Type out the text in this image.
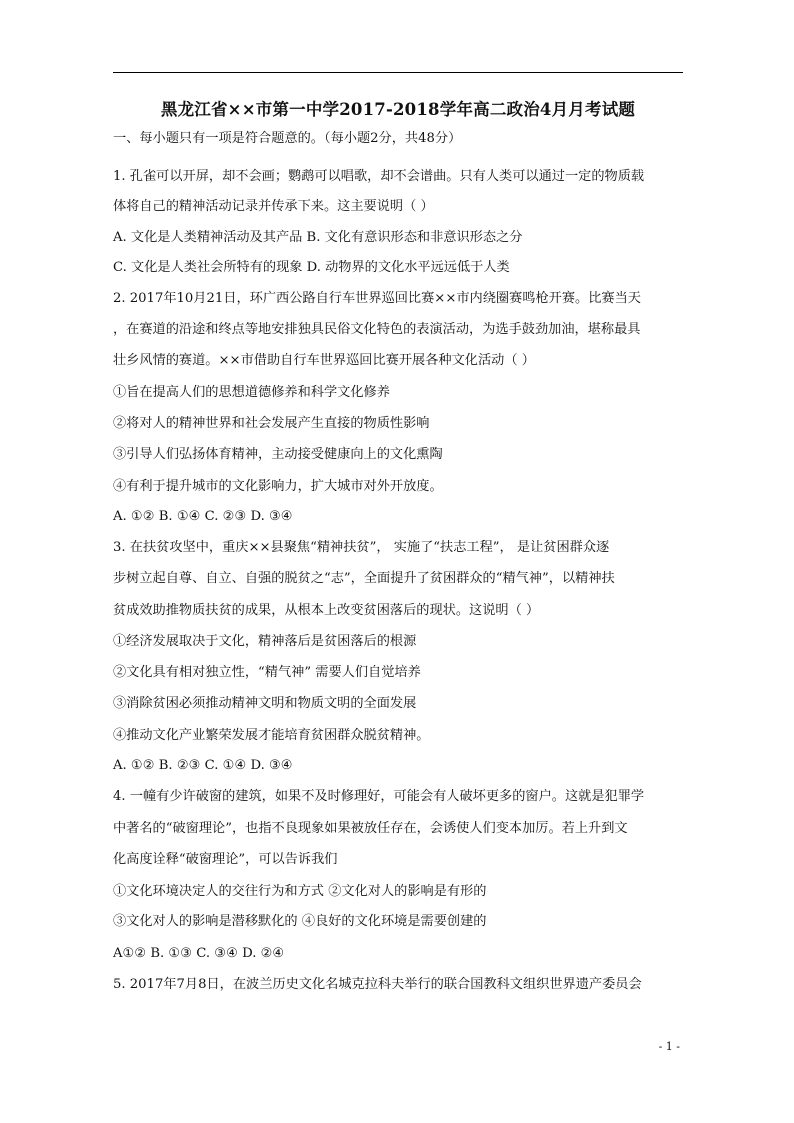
黑龙江省××市第一中学2017-2018学年高二政治4月月考试题
一、每小题只有一项是符合题意的。（每小题2分，共48分）
1. 孔雀可以开屏，却不会画；鹦鹉可以唱歌，却不会谱曲。只有人类可以通过一定的物质载
体将自己的精神活动记录并传承下来。这主要说明（ ）
A. 文化是人类精神活动及其产品 B. 文化有意识形态和非意识形态之分
C. 文化是人类社会所特有的现象 D. 动物界的文化水平远远低于人类
2. 2017年10月21日，环广西公路自行车世界巡回比赛××市内绕圈赛鸣枪开赛。比赛当天
，在赛道的沿途和终点等地安排独具民俗文化特色的表演活动，为选手鼓劲加油，堪称最具
壮乡风情的赛道。××市借助自行车世界巡回比赛开展各种文化活动（ ）
①旨在提高人们的思想道德修养和科学文化修养
②将对人的精神世界和社会发展产生直接的物质性影响
③引导人们弘扬体育精神，主动接受健康向上的文化熏陶
④有利于提升城市的文化影响力，扩大城市对外开放度。
A. ①② B. ①④ C. ②③ D. ③④
3. 在扶贫攻坚中，重庆××县聚焦“精神扶贫”， 实施了“扶志工程”， 是让贫困群众逐
步树立起自尊、自立、自强的脱贫之“志”，全面提升了贫困群众的“精气神”，以精神扶
贫成效助推物质扶贫的成果，从根本上改变贫困落后的现状。这说明（ ）
①经济发展取决于文化，精神落后是贫困落后的根源
②文化具有相对独立性，“精气神” 需要人们自觉培养
③消除贫困必须推动精神文明和物质文明的全面发展
④推动文化产业繁荣发展才能培育贫困群众脱贫精神。
A. ①② B. ②③ C. ①④ D. ③④
4. 一幢有少许破窗的建筑，如果不及时修理好，可能会有人破坏更多的窗户。这就是犯罪学
中著名的“破窗理论”，也指不良现象如果被放任存在，会诱使人们变本加厉。若上升到文
化高度诠释“破窗理论”，可以告诉我们
①文化环境决定人的交往行为和方式 ②文化对人的影响是有形的
③文化对人的影响是潜移默化的 ④良好的文化环境是需要创建的
A①② B. ①③ C. ③④ D. ②④
5. 2017年7月8日，在波兰历史文化名城克拉科夫举行的联合国教科文组织世界遗产委员会
- 1 -
